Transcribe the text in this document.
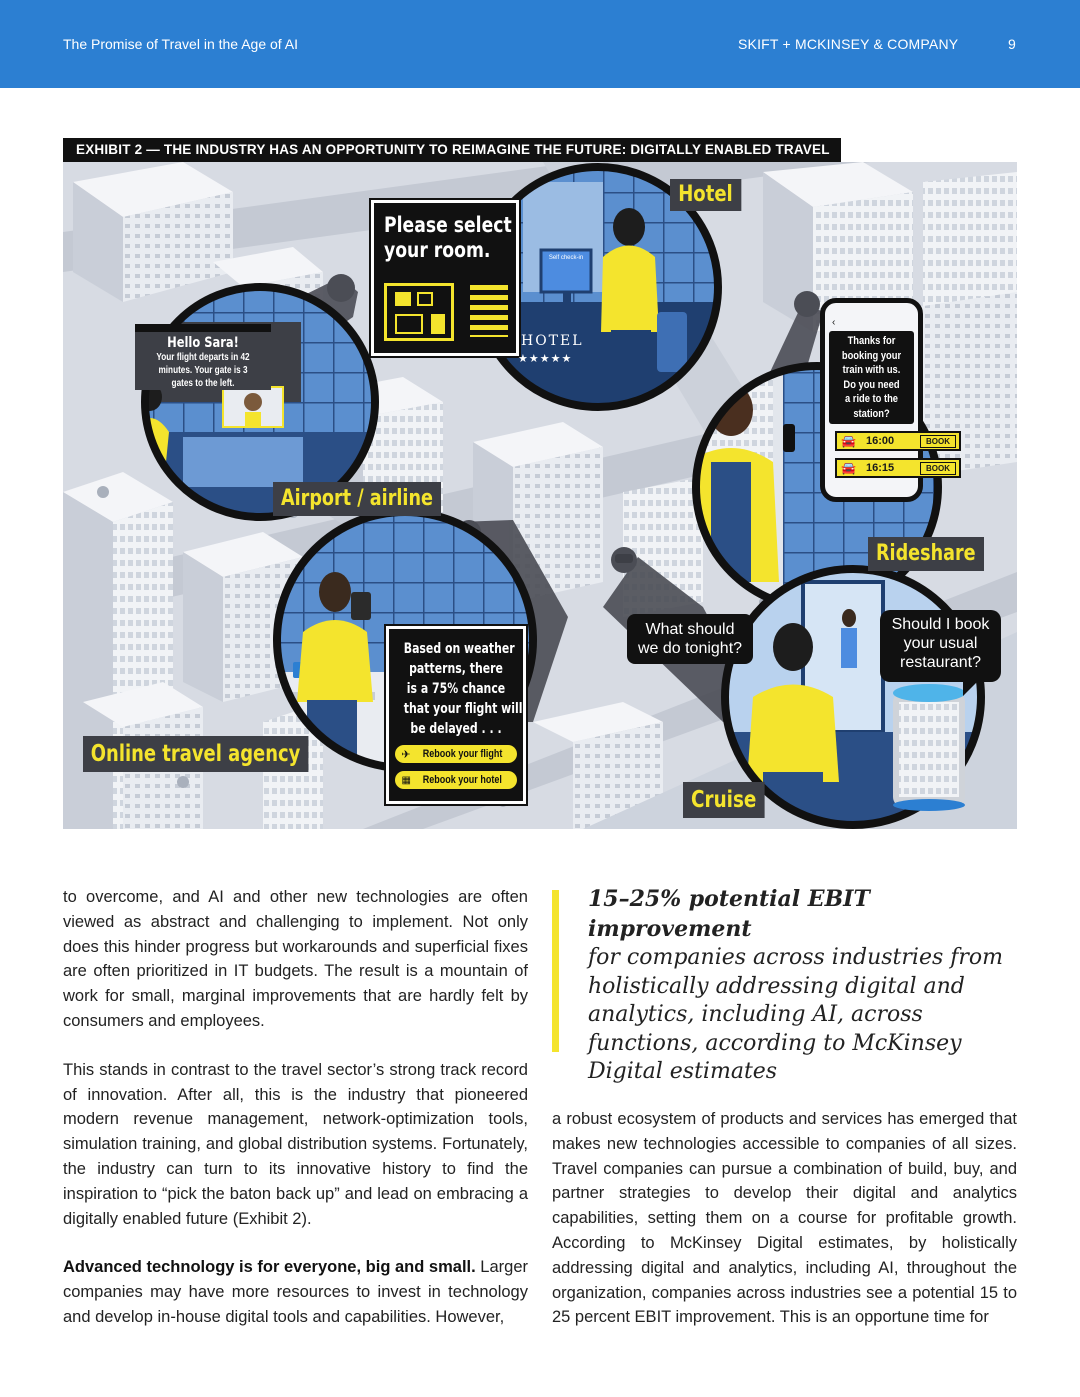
The Promise of Travel in the Age of AI	SKIFT + MCKINSEY & COMPANY	9
EXHIBIT 2 — THE INDUSTRY HAS AN OPPORTUNITY TO REIMAGINE THE FUTURE: DIGITALLY ENABLED TRAVEL
Please select
your room.
HOTEL
★★★★★
Self check-in
Hotel
Hello Sara!
Your flight departs in 42
minutes. Your gate is 3
gates to the left.
Airport / airline
‹
Thanks for
booking your
train with us.
Do you need
a ride to the
station?
🚘 16:00	BOOK
🚘 16:15	BOOK
Rideshare
Based on weather
patterns, there
is a 75% chance
that your flight will
be delayed . . .
✈ Rebook your flight
▦ Rebook your hotel
Online travel agency
What should
we do tonight?
Should I book
your usual
restaurant?
Cruise

to overcome, and AI and other new technologies are often viewed as abstract and challenging to implement. Not only does this hinder progress but workarounds and superficial fixes are often prioritized in IT budgets. The result is a mountain of work for small, marginal improvements that are hardly felt by consumers and employees.

This stands in contrast to the travel sector’s strong track record of innovation. After all, this is the industry that pioneered modern revenue management, network-optimization tools, simulation training, and global distribution systems. Fortunately, the industry can turn to its innovative history to find the inspiration to “pick the baton back up” and lead on embracing a digitally enabled future (Exhibit 2).

Advanced technology is for everyone, big and small. Larger companies may have more resources to invest in technology and develop in-house digital tools and capabilities. However,

15–25% potential EBIT improvement
for companies across industries from holistically addressing digital and analytics, including AI, across functions, according to McKinsey Digital estimates

a robust ecosystem of products and services has emerged that makes new technologies accessible to companies of all sizes. Travel companies can pursue a combination of build, buy, and partner strategies to develop their digital and analytics capabilities, setting them on a course for profitable growth. According to McKinsey Digital estimates, by holistically addressing digital and analytics, including AI, throughout the organization, companies across industries see a potential 15 to 25 percent EBIT improvement. This is an opportune time for
